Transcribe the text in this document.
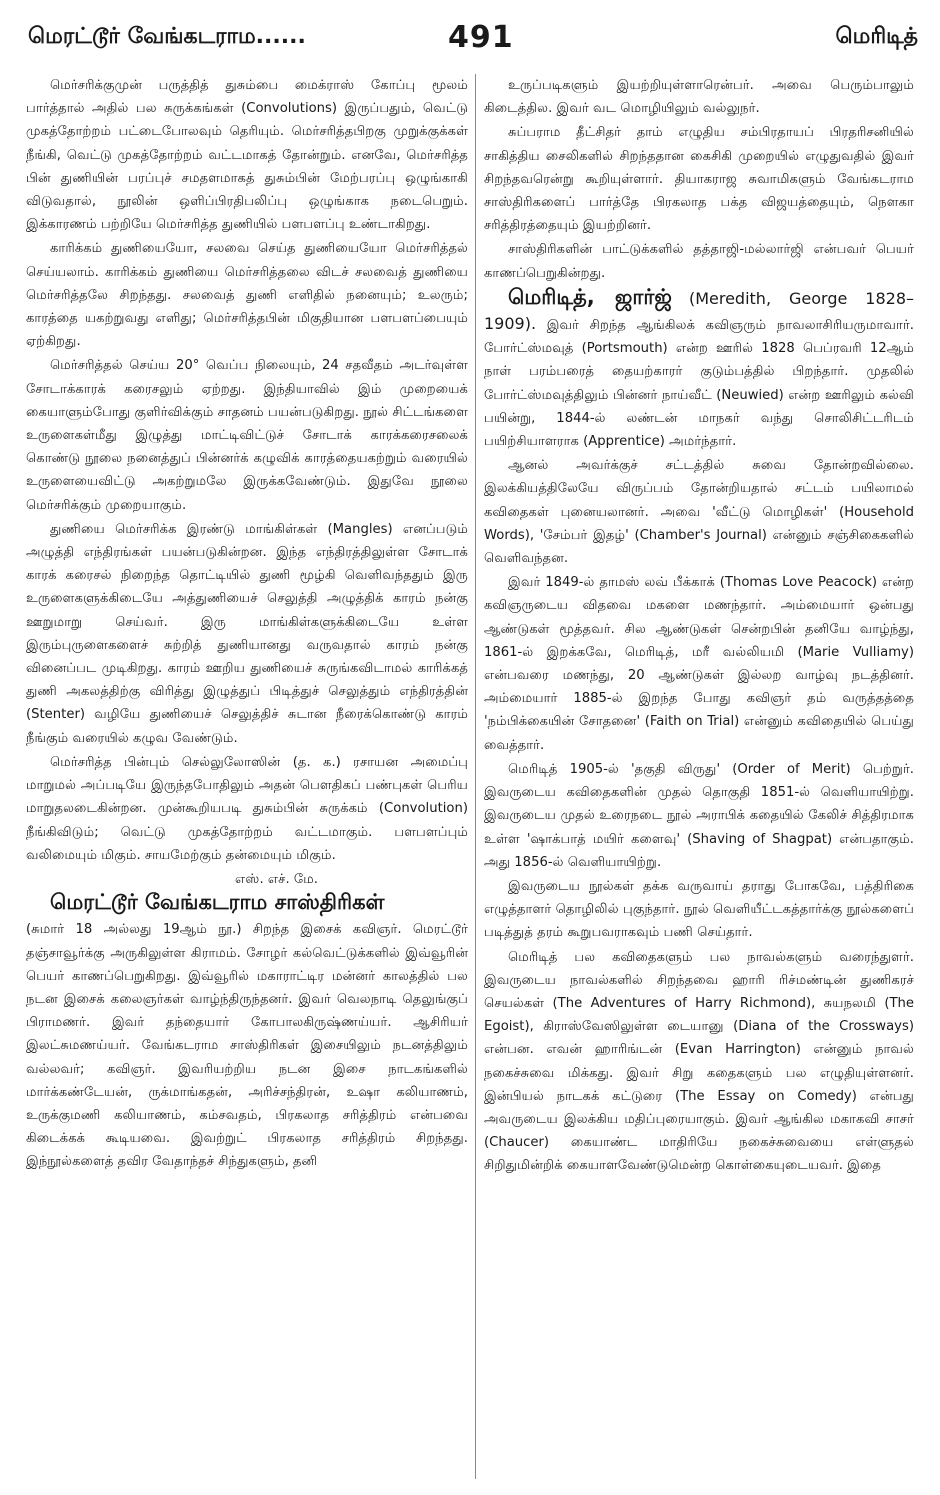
மெரட்டூர் வேங்கடராம......	491	மெரிடித்

மெர்சரிக்குமுன் பருத்தித் துசும்பை மைக்ராஸ் கோப்பு மூலம் பார்த்தால் அதில் பல சுருக்கங்கள் (Convolutions) இருப்பதும், வெட்டு முகத்தோற்றம் பட்டைபோலவும் தெரியும். மெர்சரித்தபிறகு முறுக்குக்கள் நீங்கி, வெட்டு முகத்தோற்றம் வட்டமாகத் தோன்றும். எனவே, மெர்சரித்த பின் துணியின் பரப்புச் சமதளமாகத் துசும்பின் மேற்பரப்பு ஒழுங்காகி விடுவதால், நூலின் ஒளிப்பிரதிபலிப்பு ஒழுங்காக நடைபெறும். இக்காரணம் பற்றியே மெர்சரித்த துணியில் பளபளப்பு உண்டாகிறது.

காரிக்கம் துணியையோ, சலவை செய்த துணியையோ மெர்சரித்தல் செய்யலாம். காரிக்கம் துணியை மெர்சரித்தலை விடச் சலவைத் துணியை மெர்சரித்தலே சிறந்தது. சலவைத் துணி எளிதில் நனையும்; உலரும்; காரத்தை யகற்றுவது எளிது; மெர்சரித்தபின் மிகுதியான பளபளப்பையும் ஏற்கிறது.

மெர்சரித்தல் செய்ய 20° வெப்ப நிலையும், 24 சதவீதம் அடர்வுள்ள சோடாக்காரக் கரைசலும் ஏற்றது. இந்தியாவில் இம் முறையைக் கையாளும்போது குளிர்விக்கும் சாதனம் பயன்படுகிறது. நூல் சிட்டங்களை உருளைகள்மீது இழுத்து மாட்டிவிட்டுச் சோடாக் காரக்கரைசலைக் கொண்டு நூலை நனைத்துப் பின்னர்க் கழுவிக் காரத்தையகற்றும் வரையில் உருளையைவிட்டு அகற்றுமலே இருக்கவேண்டும். இதுவே நூலை மெர்சரிக்கும் முறையாகும்.

துணியை மெர்சரிக்க இரண்டு மாங்கிள்கள் (Mangles) எனப்படும் அழுத்தி எந்திரங்கள் பயன்படுகின்றன. இந்த எந்திரத்திலுள்ள சோடாக் காரக் கரைசல் நிறைந்த தொட்டியில் துணி மூழ்கி வெளிவந்ததும் இரு உருளைகளுக்கிடையே அத்துணியைச் செலுத்தி அழுத்திக் காரம் நன்கு ஊறுமாறு செய்வர். இரு மாங்கிள்களுக்கிடையே உள்ள இரும்புருளைகளைச் சுற்றித் துணியானது வருவதால் காரம் நன்கு வினைப்பட முடிகிறது. காரம் ஊறிய துணியைச் சுருங்கவிடாமல் காரிக்கத் துணி அகலத்திற்கு விரித்து இழுத்துப் பிடித்துச் செலுத்தும் எந்திரத்தின் (Stenter) வழியே துணியைச் செலுத்திச் சுடான நீரைக்கொண்டு காரம் நீங்கும் வரையில் கழுவ வேண்டும்.

மெர்சரித்த பின்பும் செல்லுலோஸின் (த. க.) ரசாயன அமைப்பு மாறுமல் அப்படியே இருந்தபோதிலும் அதன் பௌதிகப் பண்புகள் பெரிய மாறுதலடைகின்றன. முன்கூறியபடி துசும்பின் சுருக்கம் (Convolution) நீங்கிவிடும்; வெட்டு முகத்தோற்றம் வட்டமாகும். பளபளப்பும் வலிமையும் மிகும். சாயமேற்கும் தன்மையும் மிகும்.

எஸ். எச். மே.

மெரட்டூர் வேங்கடராம சாஸ்திரிகள்

(சுமார் 18 அல்லது 19ஆம் நூ.) சிறந்த இசைக் கவிஞர். மெரட்டூர் தஞ்சாவூர்க்கு அருகிலுள்ள கிராமம். சோழர் கல்வெட்டுக்களில் இவ்வூரின் பெயர் காணப்பெறுகிறது. இவ்வூரில் மகாராட்டிர மன்னர் காலத்தில் பல நடன இசைக் கலைஞர்கள் வாழ்ந்திருந்தனர். இவர் வெலநாடி தெலுங்குப் பிராமணர். இவர் தந்தையார் கோபாலகிருஷ்ணய்யர். ஆசிரியர் இலட்சுமணய்யர். வேங்கடராம சாஸ்திரிகள் இசையிலும் நடனத்திலும் வல்லவர்; கவிஞர். இவரியற்றிய நடன இசை நாடகங்களில் மார்க்கண்டேயன், ருக்மாங்கதன், அரிச்சந்திரன், உஷா கலியாணம், உருக்குமணி கலியாணம், கம்சவதம், பிரகலாத சரித்திரம் என்பவை கிடைக்கக் கூடியவை. இவற்றுட் பிரகலாத சரித்திரம் சிறந்தது. இந்நூல்களைத் தவிர வேதாந்தச் சிந்துகளும், தனி

உருப்படிகளும் இயற்றியுள்ளாரென்பர். அவை பெரும்பாலும் கிடைத்தில. இவர் வட மொழியிலும் வல்லுநர்.

சுப்பராம தீட்சிதர் தாம் எழுதிய சம்பிரதாயப் பிரதரிசனியில் சாகித்திய சைலிகளில் சிறந்ததான கைசிகி முறையில் எழுதுவதில் இவர் சிறந்தவரென்று கூறியுள்ளார். தியாகராஜ சுவாமிகளும் வேங்கடராம சாஸ்திரிகளைப் பார்த்தே பிரகலாத பக்த விஜயத்தையும், நௌகா சரித்திரத்தையும் இயற்றினர்.

சாஸ்திரிகளின் பாட்டுக்களில் தத்தாஜி-மல்லார்ஜி என்பவர் பெயர் காணப்பெறுகின்றது.

மெரிடித், ஜார்ஜ் (Meredith, George 1828–1909). இவர் சிறந்த ஆங்கிலக் கவிஞரும் நாவலாசிரியருமாவார். போர்ட்ஸ்மவுத் (Portsmouth) என்ற ஊரில் 1828 பெப்ரவரி 12ஆம் நாள் பரம்பரைத் தையற்காரர் குடும்பத்தில் பிறந்தார். முதலில் போர்ட்ஸ்மவுத்திலும் பின்னர் நாய்வீட் (Neuwied) என்ற ஊரிலும் கல்வி பயின்று, 1844-ல் லண்டன் மாநகர் வந்து சொலிசிட்டரிடம் பயிற்சியாளராக (Apprentice) அமர்ந்தார்.

ஆனல் அவர்க்குச் சட்டத்தில் சுவை தோன்றவில்லை. இலக்கியத்திலேயே விருப்பம் தோன்றியதால் சட்டம் பயிலாமல் கவிதைகள் புனையலானர். அவை 'வீட்டு மொழிகள்' (Household Words), 'சேம்பர் இதழ்' (Chamber's Journal) என்னும் சஞ்சிகைகளில் வெளிவந்தன.

இவர் 1849-ல் தாமஸ் லவ் பீக்காக் (Thomas Love Peacock) என்ற கவிஞருடைய விதவை மகளை மணந்தார். அம்மையார் ஒன்பது ஆண்டுகள் மூத்தவர். சில ஆண்டுகள் சென்றபின் தனியே வாழ்ந்து, 1861-ல் இறக்கவே, மெரிடித், மரீ வல்லியமி (Marie Vulliamy) என்பவரை மணந்து, 20 ஆண்டுகள் இல்லற வாழ்வு நடத்தினர். அம்மையார் 1885-ல் இறந்த போது கவிஞர் தம் வருத்தத்தை 'நம்பிக்கையின் சோதனை' (Faith on Trial) என்னும் கவிதையில் பெய்து வைத்தார்.

மெரிடித் 1905-ல் 'தகுதி விருது' (Order of Merit) பெற்றுர். இவருடைய கவிதைகளின் முதல் தொகுதி 1851-ல் வெளியாயிற்று. இவருடைய முதல் உரைநடை நூல் அராபிக் கதையில் கேலிச் சித்திரமாக உள்ள 'ஷாக்பாத் மயிர் களைவு' (Shaving of Shagpat) என்பதாகும். அது 1856-ல் வெளியாயிற்று.

இவருடைய நூல்கள் தக்க வருவாய் தராது போகவே, பத்திரிகை எழுத்தாளர் தொழிலில் புகுந்தார். நூல் வெளியீட்டகத்தார்க்கு நூல்களைப் படித்துத் தரம் கூறுபவராகவும் பணி செய்தார்.

மெரிடித் பல கவிதைகளும் பல நாவல்களும் வரைந்துளர். இவருடைய நாவல்களில் சிறந்தவை ஹாரி ரிச்மண்டின் துணிகரச் செயல்கள் (The Adventures of Harry Richmond), சுயநலமி (The Egoist), கிராஸ்வேஸிலுள்ள டையானு (Diana of the Crossways) என்பன. எவன் ஹாரிங்டன் (Evan Harrington) என்னும் நாவல் நகைச்சுவை மிக்கது. இவர் சிறு கதைகளும் பல எழுதியுள்ளனர். இன்பியல் நாடகக் கட்டுரை (The Essay on Comedy) என்பது அவருடைய இலக்கிய மதிப்புரையாகும். இவர் ஆங்கில மகாகவி சாசர் (Chaucer) கையாண்ட மாதிரியே நகைச்சுவையை எள்ளுதல் சிறிதுமின்றிக் கையாளவேண்டுமென்ற கொள்கையுடையவர். இதை
